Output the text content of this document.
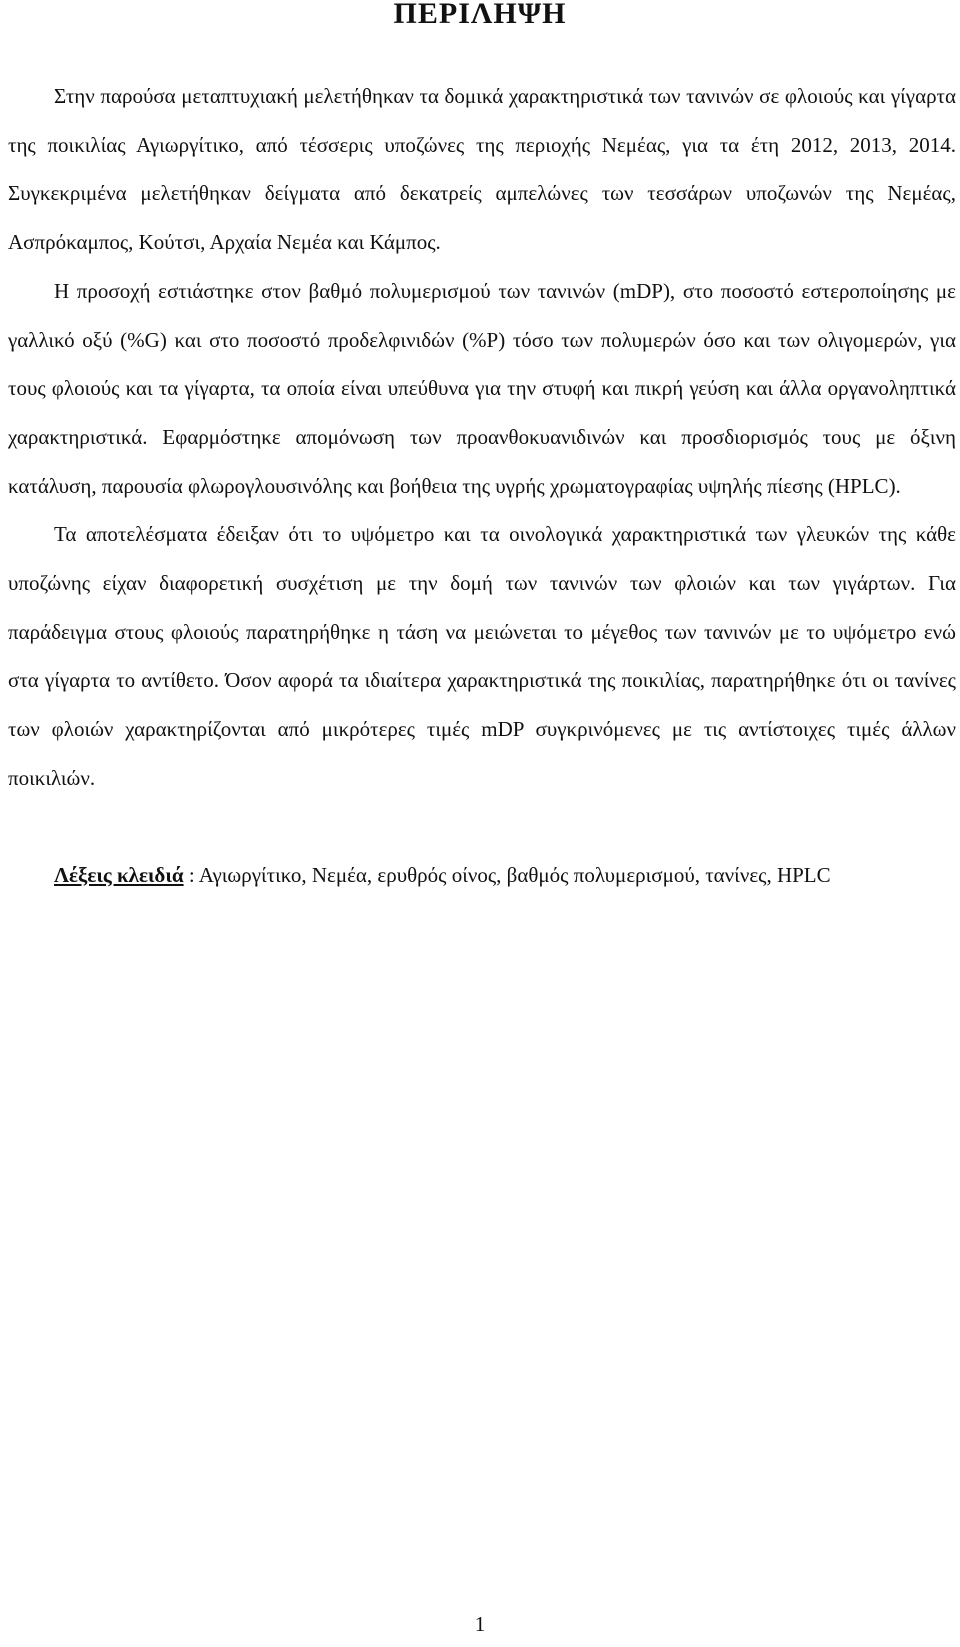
ΠΕΡΙΛΗΨΗ

Στην παρούσα μεταπτυχιακή μελετήθηκαν τα δομικά χαρακτηριστικά των τανινών σε φλοιούς και γίγαρτα της ποικιλίας Αγιωργίτικο, από τέσσερις υποζώνες της περιοχής Νεμέας, για τα έτη 2012, 2013, 2014. Συγκεκριμένα μελετήθηκαν δείγματα από δεκατρείς αμπελώνες των τεσσάρων υποζωνών της Νεμέας, Ασπρόκαμπος, Κούτσι, Αρχαία Νεμέα και Κάμπος.

Η προσοχή εστιάστηκε στον βαθμό πολυμερισμού των τανινών (mDP), στο ποσοστό εστεροποίησης με γαλλικό οξύ (%G) και στο ποσοστό προδελφινιδών (%P) τόσο των πολυμερών όσο και των ολιγομερών, για τους φλοιούς και τα γίγαρτα, τα οποία είναι υπεύθυνα για την στυφή και πικρή γεύση και άλλα οργανοληπτικά χαρακτηριστικά. Εφαρμόστηκε απομόνωση των προανθοκυανιδινών και προσδιορισμός τους με όξινη κατάλυση, παρουσία φλωρογλουσινόλης και βοήθεια της υγρής χρωματογραφίας υψηλής πίεσης (HPLC).

Τα αποτελέσματα έδειξαν ότι το υψόμετρο και τα οινολογικά χαρακτηριστικά των γλευκών της κάθε υποζώνης είχαν διαφορετική συσχέτιση με την δομή των τανινών των φλοιών και των γιγάρτων. Για παράδειγμα στους φλοιούς παρατηρήθηκε η τάση να μειώνεται το μέγεθος των τανινών με το υψόμετρο ενώ στα γίγαρτα το αντίθετο. Όσον αφορά τα ιδιαίτερα χαρακτηριστικά της ποικιλίας, παρατηρήθηκε ότι οι τανίνες των φλοιών χαρακτηρίζονται από μικρότερες τιμές mDP συγκρινόμενες με τις αντίστοιχες τιμές άλλων ποικιλιών.

Λέξεις κλειδιά : Αγιωργίτικο, Νεμέα, ερυθρός οίνος, βαθμός πολυμερισμού, τανίνες, HPLC

1
